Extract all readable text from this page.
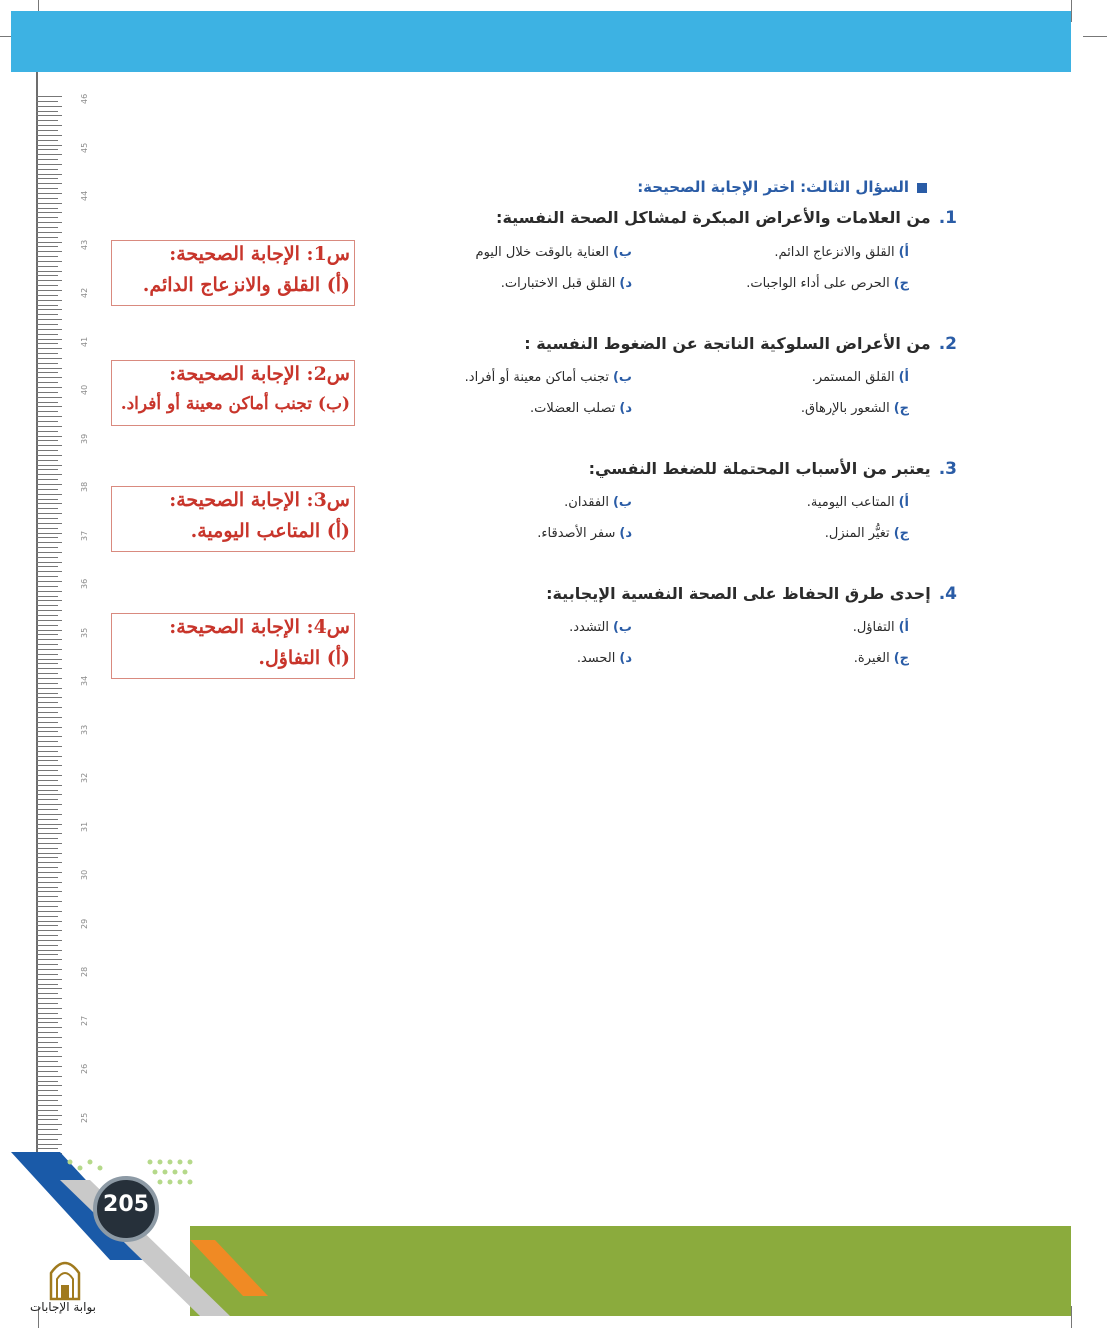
46
45
44
43
42
41
40
39
38
37
36
35
34
33
32
31
30
29
28
27
26
25
السؤال الثالث: اختر الإجابة الصحيحة:
1.من العلامات والأعراض المبكرة لمشاكل الصحة النفسية:
أ)القلق والانزعاج الدائم.
ب)العناية بالوقت خلال اليوم
ج)الحرص على أداء الواجبات.
د)القلق قبل الاختبارات.
2.من الأعراض السلوكية الناتجة عن الضغوط النفسية :
أ)القلق المستمر.
ب)تجنب أماكن معينة أو أفراد.
ج)الشعور بالإرهاق.
د)تصلب العضلات.
3.يعتبر من الأسباب المحتملة للضغط النفسي:
أ)المتاعب اليومية.
ب)الفقدان.
ج)تغيُّر المنزل.
د)سفر الأصدقاء.
4.إحدى طرق الحفاظ على الصحة النفسية الإيجابية:
أ)التفاؤل.
ب)التشدد.
ج)الغيرة.
د)الحسد.
س1: الإجابة الصحيحة:
(أ) القلق والانزعاج الدائم.
س2: الإجابة الصحيحة:
(ب) تجنب أماكن معينة أو أفراد.
س3: الإجابة الصحيحة:
(أ) المتاعب اليومية.
س4: الإجابة الصحيحة:
(أ) التفاؤل.
205
بوابة الإجابات
